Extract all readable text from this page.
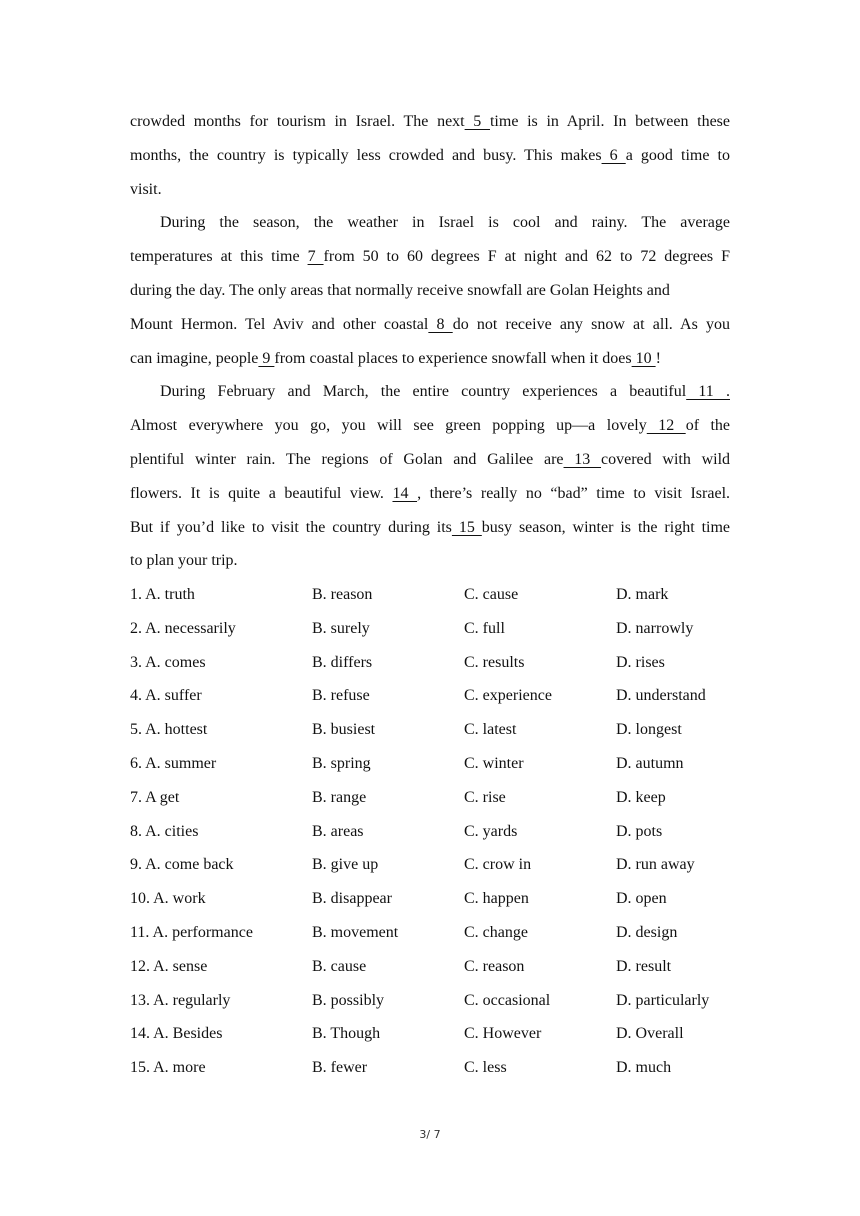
crowded months for tourism in Israel. The next 5 time is in April. In between these
months, the country is typically less crowded and busy. This makes 6 a good time to
visit.
During the season, the weather in Israel is cool and rainy. The average
temperatures at this time 7 from 50 to 60 degrees F at night and 62 to 72 degrees F
during the day. The only areas that normally receive snowfall are Golan Heights and
Mount Hermon. Tel Aviv and other coastal 8 do not receive any snow at all. As you
can imagine, people 9 from coastal places to experience snowfall when it does 10 !
During February and March, the entire country experiences a beautiful 11 .
Almost everywhere you go, you will see green popping up—a lovely 12 of the
plentiful winter rain. The regions of Golan and Galilee are 13 covered with wild
flowers. It is quite a beautiful view. 14 , there’s really no “bad” time to visit Israel.
But if you’d like to visit the country during its 15 busy season, winter is the right time
to plan your trip.
1. A. truth	B. reason	C. cause	D. mark
2. A. necessarily	B. surely	C. full	D. narrowly
3. A. comes	B. differs	C. results	D. rises
4. A. suffer	B. refuse	C. experience	D. understand
5. A. hottest	B. busiest	C. latest	D. longest
6. A. summer	B. spring	C. winter	D. autumn
7. A get	B. range	C. rise	D. keep
8. A. cities	B. areas	C. yards	D. pots
9. A. come back	B. give up	C. crow in	D. run away
10. A. work	B. disappear	C. happen	D. open
11. A. performance	B. movement	C. change	D. design
12. A. sense	B. cause	C. reason	D. result
13. A. regularly	B. possibly	C. occasional	D. particularly
14. A. Besides	B. Though	C. However	D. Overall
15. A. more	B. fewer	C. less	D. much
3/ 7
